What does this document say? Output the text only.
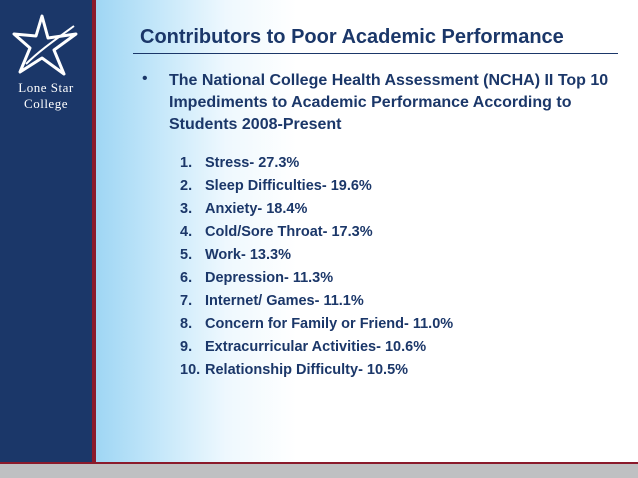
Lone Star
College
Contributors to Poor Academic Performance
• The National College Health Assessment (NCHA) II Top 10 Impediments to Academic Performance According to Students 2008-Present
1. Stress- 27.3%
2. Sleep Difficulties- 19.6%
3. Anxiety- 18.4%
4. Cold/Sore Throat- 17.3%
5. Work- 13.3%
6. Depression- 11.3%
7. Internet/ Games- 11.1%
8. Concern for Family or Friend- 11.0%
9. Extracurricular Activities- 10.6%
10. Relationship Difficulty- 10.5%
